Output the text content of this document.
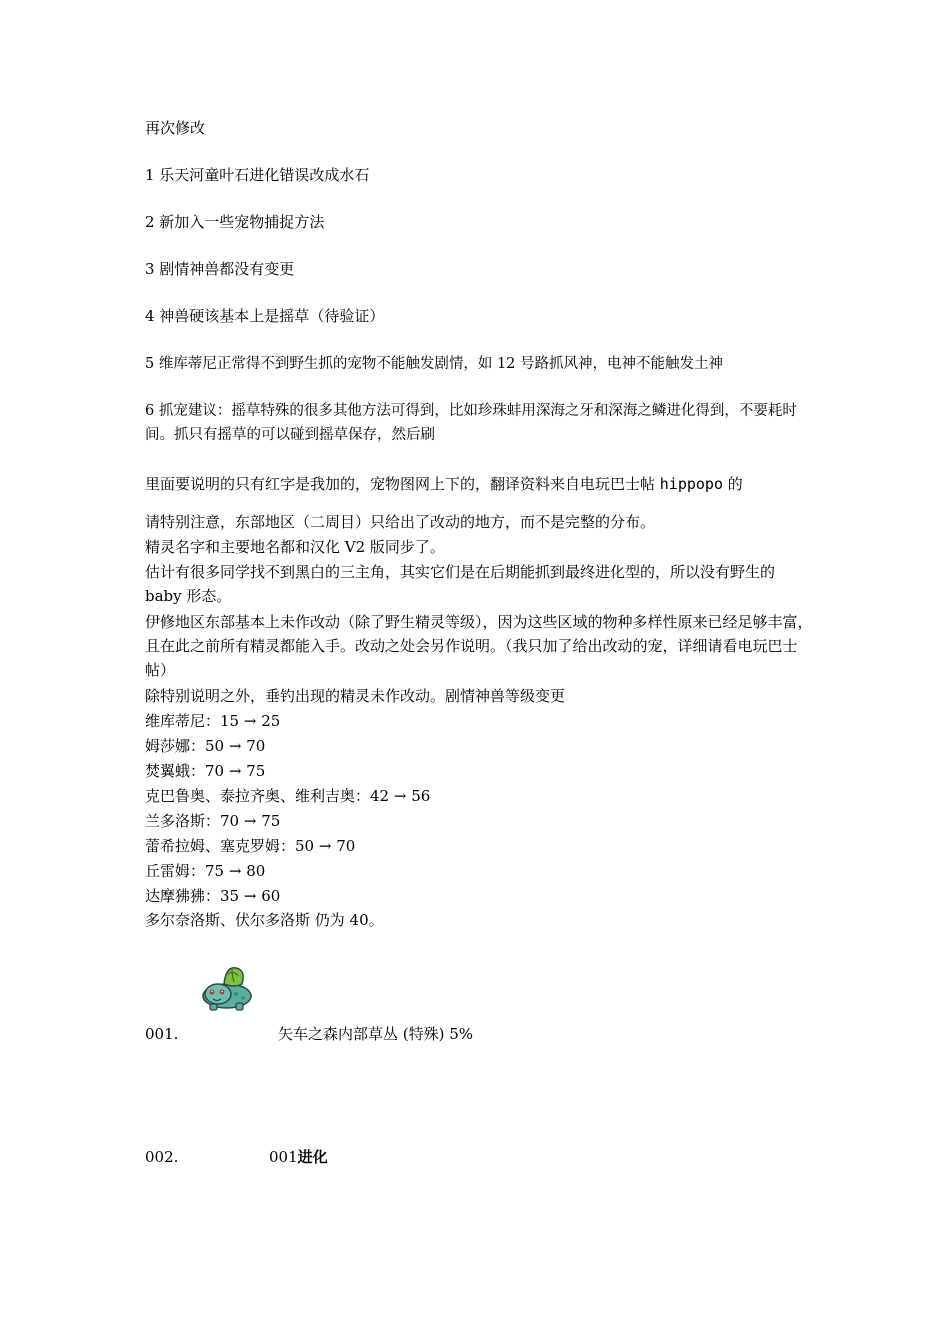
再次修改
1 乐天河童叶石进化错误改成水石
2 新加入一些宠物捕捉方法
3 剧情神兽都没有变更
4 神兽硬该基本上是摇草（待验证）
5 维库蒂尼正常得不到野生抓的宠物不能触发剧情，如 12 号路抓风神，电神不能触发土神
6 抓宠建议：摇草特殊的很多其他方法可得到，比如珍珠蚌用深海之牙和深海之鳞进化得到，不要耗时间。抓只有摇草的可以碰到摇草保存，然后刷
里面要说明的只有红字是我加的，宠物图网上下的，翻译资料来自电玩巴士帖 hippopo 的
请特别注意，东部地区（二周目）只给出了改动的地方，而不是完整的分布。
精灵名字和主要地名都和汉化 V2 版同步了。
估计有很多同学找不到黑白的三主角，其实它们是在后期能抓到最终进化型的，所以没有野生的 baby 形态。
伊修地区东部基本上未作改动（除了野生精灵等级），因为这些区域的物种多样性原来已经足够丰富，且在此之前所有精灵都能入手。改动之处会另作说明。（我只加了给出改动的宠，详细请看电玩巴士帖）
除特别说明之外，垂钓出现的精灵未作改动。剧情神兽等级变更
维库蒂尼：15 → 25
姆莎娜：50 → 70
焚翼蛾：70 → 75
克巴鲁奥、泰拉齐奥、维利吉奥：42 → 56
兰多洛斯：70 → 75
蕾希拉姆、塞克罗姆：50 → 70
丘雷姆：75 → 80
达摩狒狒：35 → 60
多尔奈洛斯、伏尔多洛斯 仍为 40。
001.	矢车之森内部草丛 (特殊) 5%
002.	001进化
